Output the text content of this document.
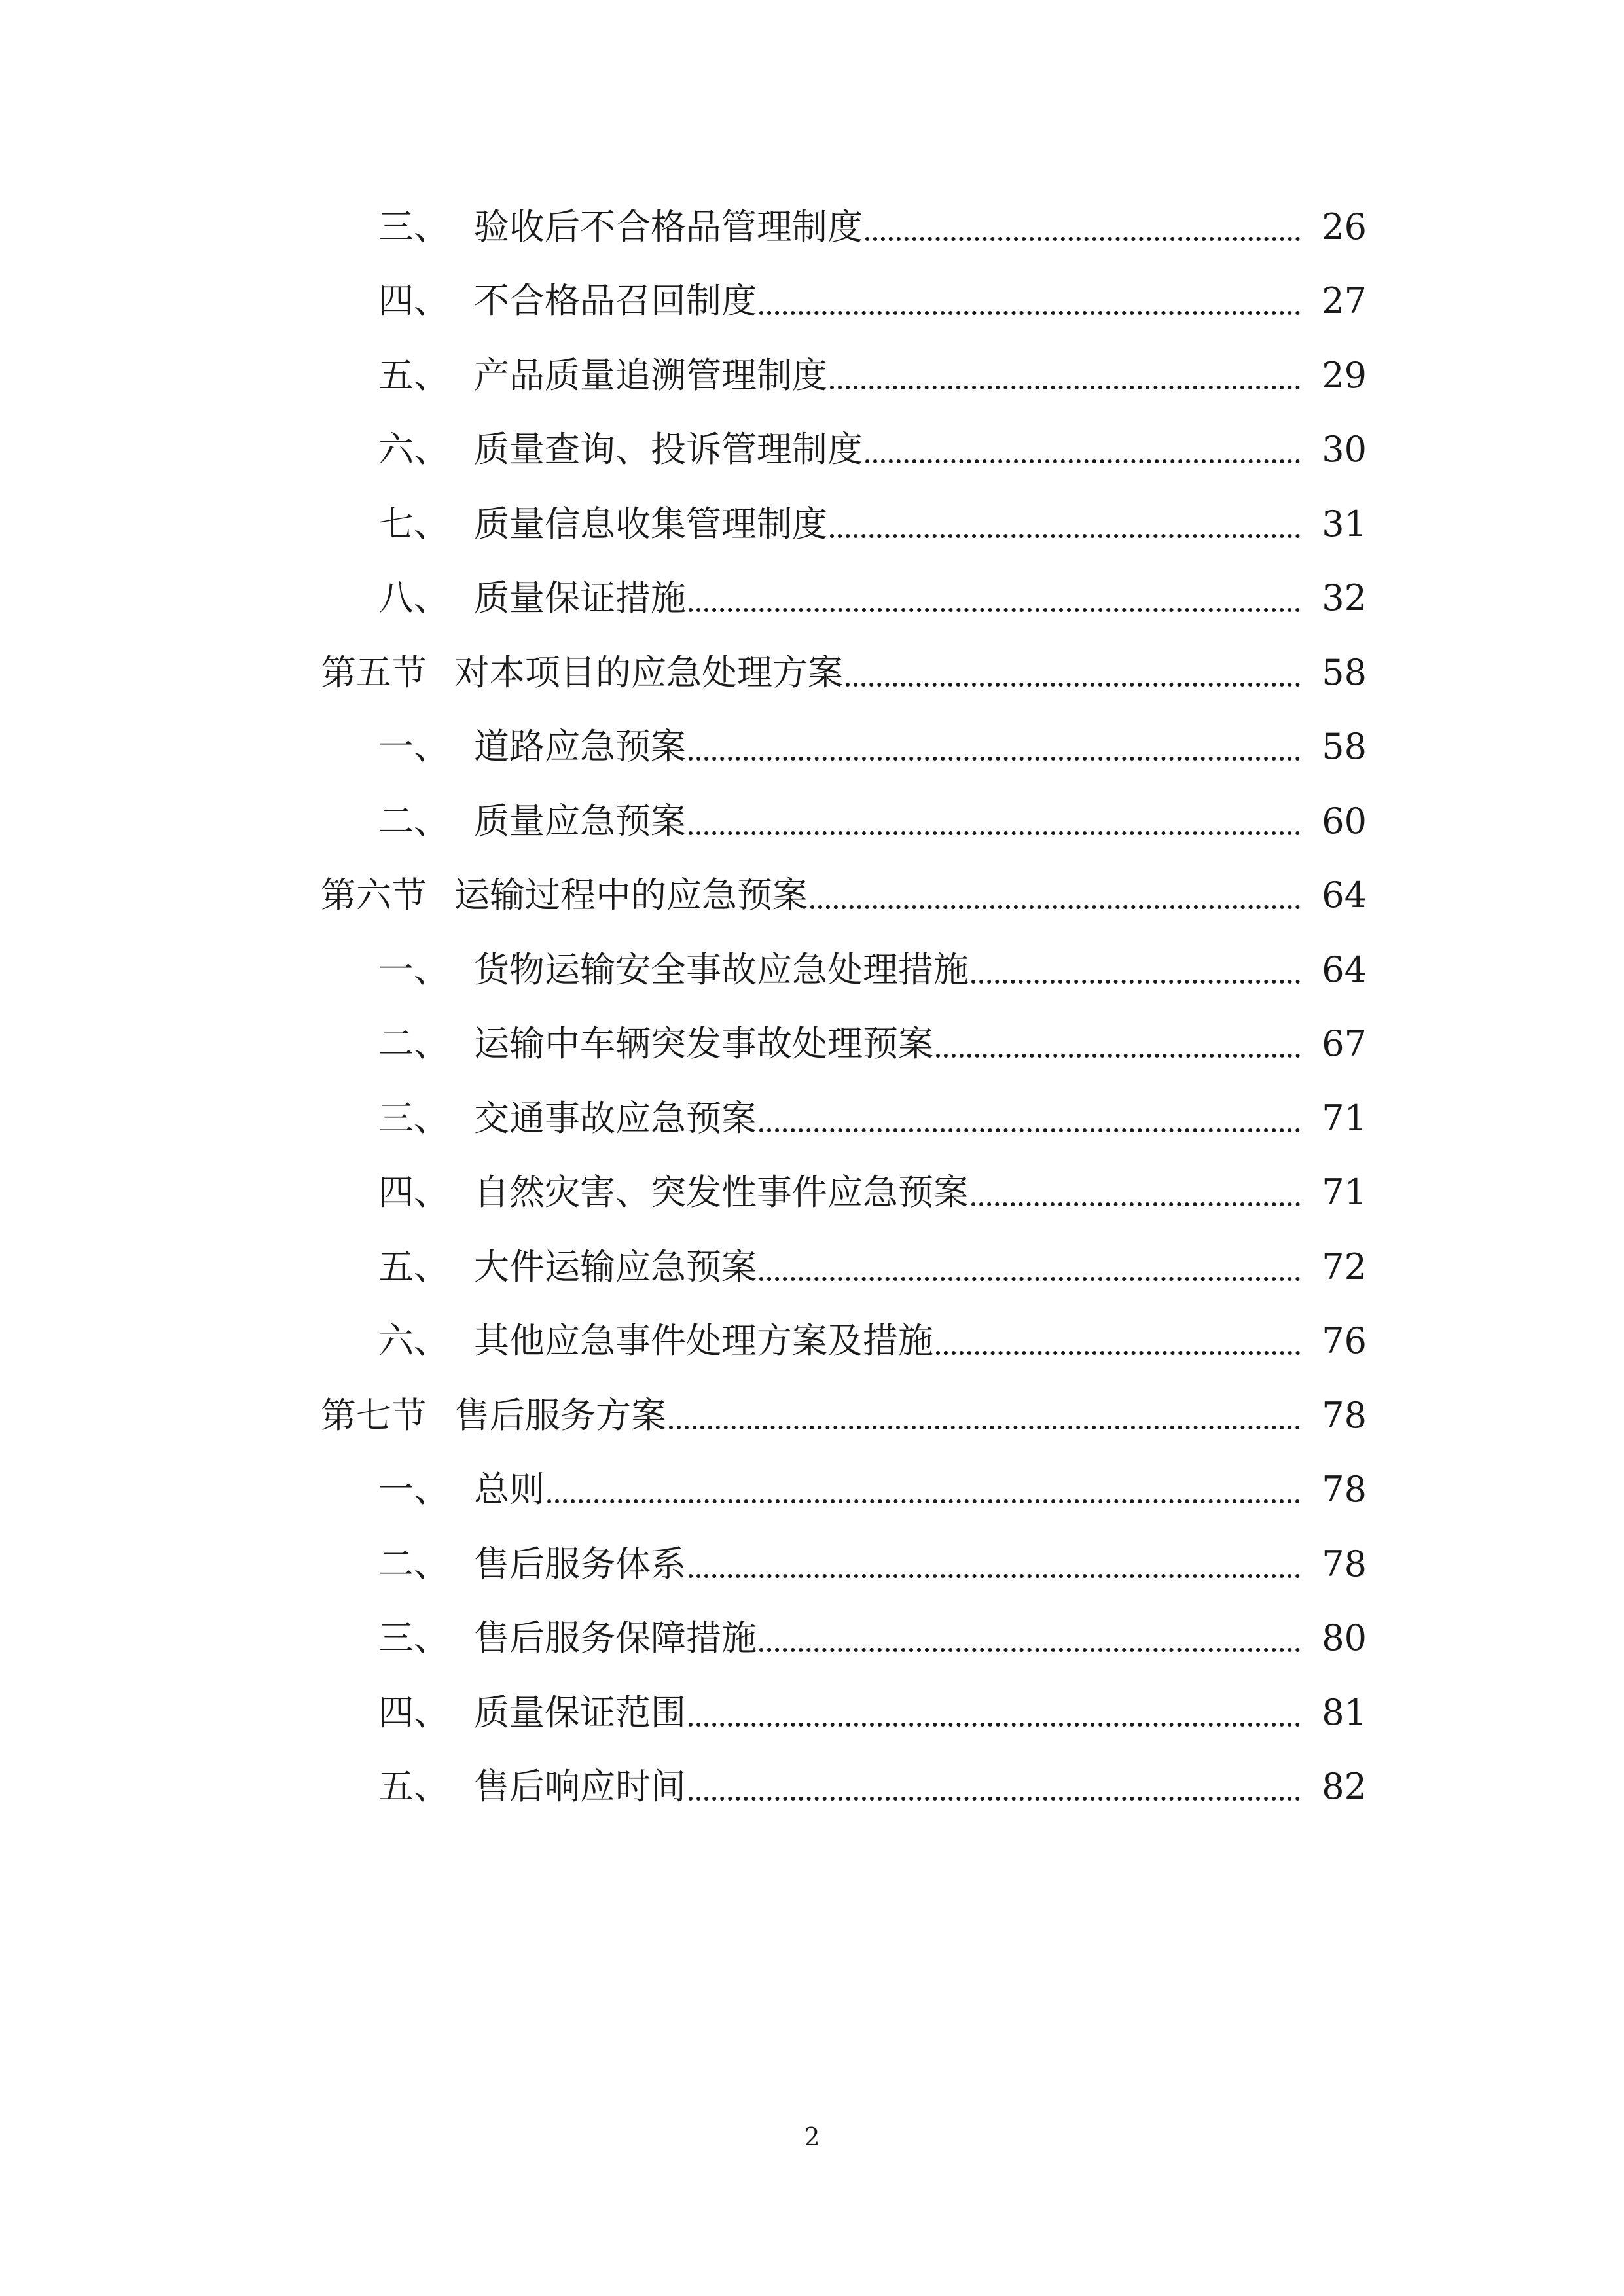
三、 验收后不合格品管理制度	26
四、 不合格品召回制度	27
五、 产品质量追溯管理制度	29
六、 质量查询、投诉管理制度	30
七、 质量信息收集管理制度	31
八、 质量保证措施	32
第五节 对本项目的应急处理方案	58
一、 道路应急预案	58
二、 质量应急预案	60
第六节 运输过程中的应急预案	64
一、 货物运输安全事故应急处理措施	64
二、 运输中车辆突发事故处理预案	67
三、 交通事故应急预案	71
四、 自然灾害、突发性事件应急预案	71
五、 大件运输应急预案	72
六、 其他应急事件处理方案及措施	76
第七节 售后服务方案	78
一、 总则	78
二、 售后服务体系	78
三、 售后服务保障措施	80
四、 质量保证范围	81
五、 售后响应时间	82
2
